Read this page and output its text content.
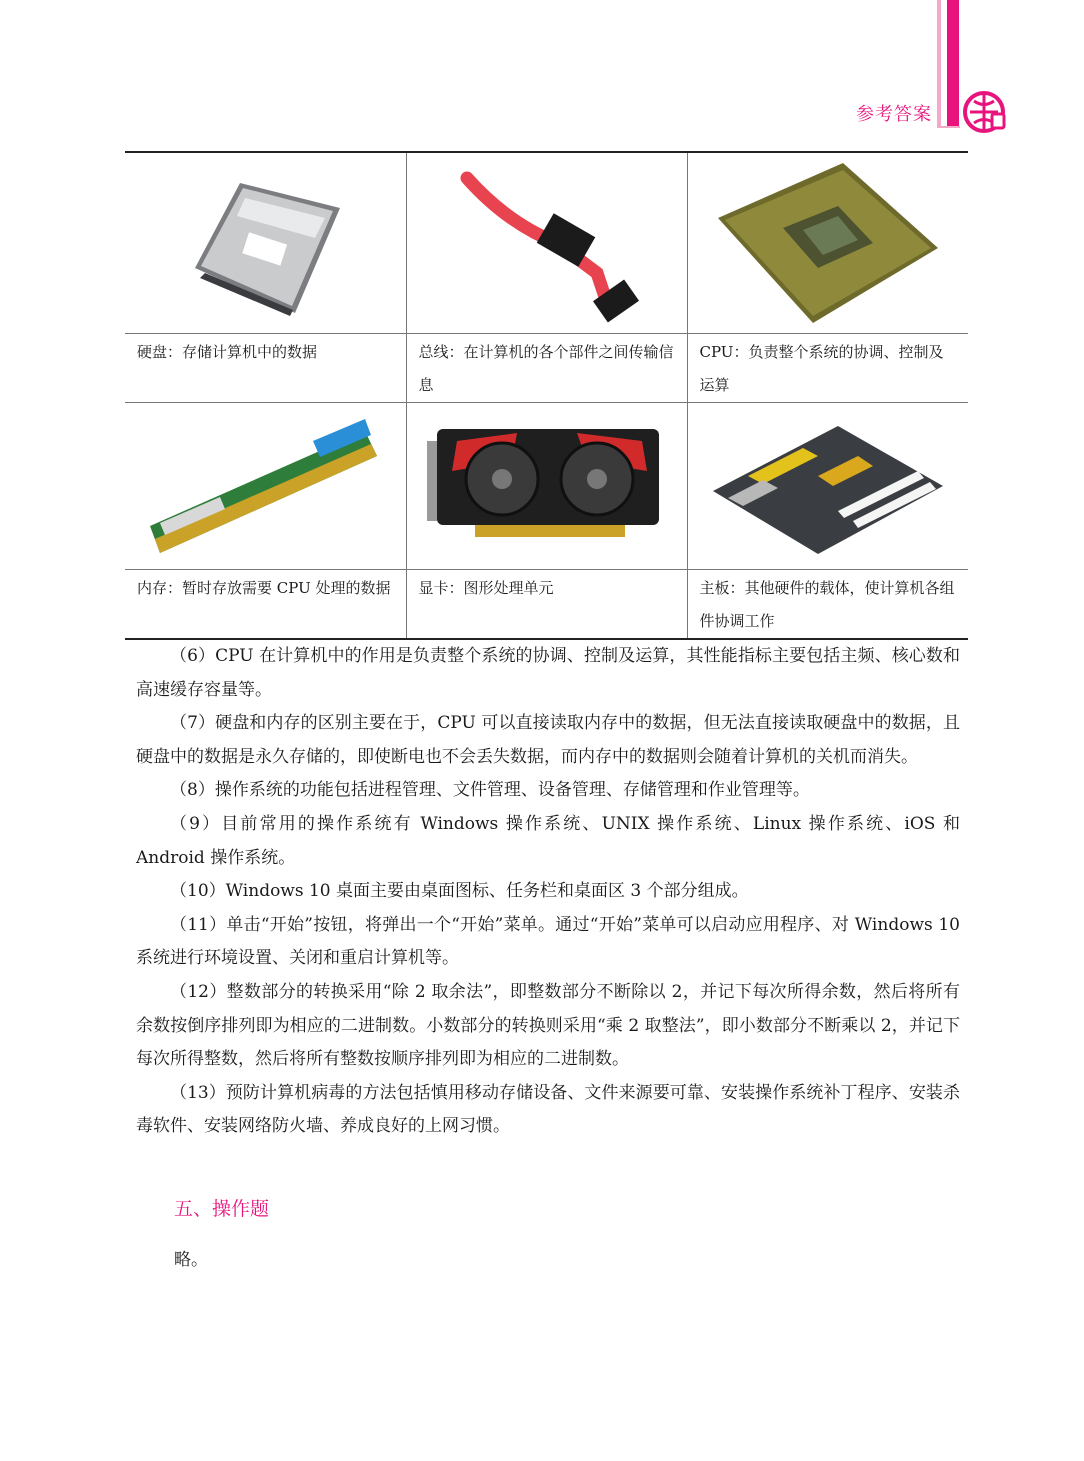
参考答案

硬盘：存储计算机中的数据	总线：在计算机的各个部件之间传输信息	CPU：负责整个系统的协调、控制及运算

内存：暂时存放需要 CPU 处理的数据	显卡：图形处理单元	主板：其他硬件的载体，使计算机各组件协调工作

（6）CPU 在计算机中的作用是负责整个系统的协调、控制及运算，其性能指标主要包括主频、核心数和高速缓存容量等。

（7）硬盘和内存的区别主要在于，CPU 可以直接读取内存中的数据，但无法直接读取硬盘中的数据，且硬盘中的数据是永久存储的，即使断电也不会丢失数据，而内存中的数据则会随着计算机的关机而消失。

（8）操作系统的功能包括进程管理、文件管理、设备管理、存储管理和作业管理等。

（9）目前常用的操作系统有 Windows 操作系统、UNIX 操作系统、Linux 操作系统、iOS 和 Android 操作系统。

（10）Windows 10 桌面主要由桌面图标、任务栏和桌面区 3 个部分组成。

（11）单击“开始”按钮，将弹出一个“开始”菜单。通过“开始”菜单可以启动应用程序、对 Windows 10 系统进行环境设置、关闭和重启计算机等。

（12）整数部分的转换采用“除 2 取余法”，即整数部分不断除以 2，并记下每次所得余数，然后将所有余数按倒序排列即为相应的二进制数。小数部分的转换则采用“乘 2 取整法”，即小数部分不断乘以 2，并记下每次所得整数，然后将所有整数按顺序排列即为相应的二进制数。

（13）预防计算机病毒的方法包括慎用移动存储设备、文件来源要可靠、安装操作系统补丁程序、安装杀毒软件、安装网络防火墙、养成良好的上网习惯。

五、操作题
略。
